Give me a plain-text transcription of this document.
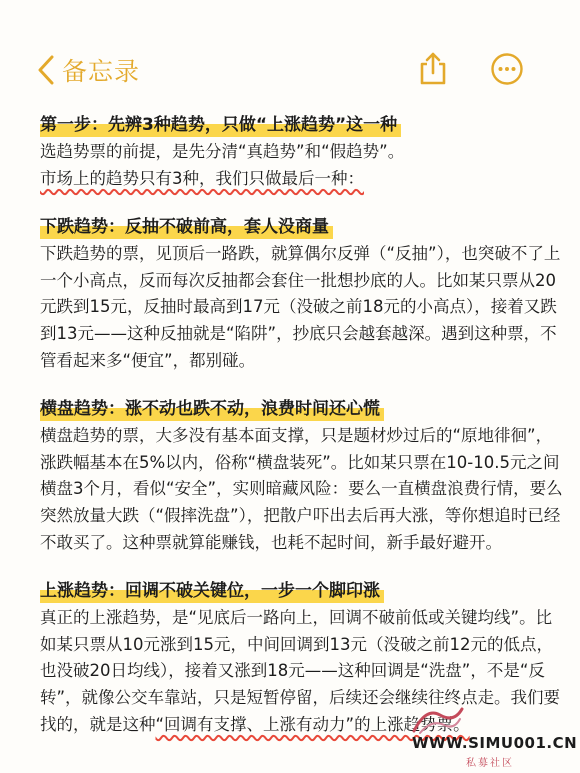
备忘录
第一步：先辨3种趋势，只做“上涨趋势”这一种

选趋势票的前提，是先分清“真趋势”和“假趋势”。

市场上的趋势只有3种，我们只做最后一种：

下跌趋势：反抽不破前高，套人没商量

下跌趋势的票，见顶后一路跌，就算偶尔反弹（“反抽”），也突破不了上一个小高点，反而每次反抽都会套住一批想抄底的人。比如某只票从20元跌到15元，反抽时最高到17元（没破之前18元的小高点），接着又跌到13元——这种反抽就是“陷阱”，抄底只会越套越深。遇到这种票，不管看起来多“便宜”，都别碰。

横盘趋势：涨不动也跌不动，浪费时间还心慌

横盘趋势的票，大多没有基本面支撑，只是题材炒过后的“原地徘徊”，涨跌幅基本在5%以内，俗称“横盘装死”。比如某只票在10-10.5元之间横盘3个月，看似“安全”，实则暗藏风险：要么一直横盘浪费行情，要么突然放量大跌（“假摔洗盘”），把散户吓出去后再大涨，等你想追时已经不敢买了。这种票就算能赚钱，也耗不起时间，新手最好避开。

上涨趋势：回调不破关键位，一步一个脚印涨

真正的上涨趋势，是“见底后一路向上，回调不破前低或关键均线”。比如某只票从10元涨到15元，中间回调到13元（没破之前12元的低点，也没破20日均线），接着又涨到18元——这种回调是“洗盘”，不是“反转”，就像公交车靠站，只是短暂停留，后续还会继续往终点走。我们要找的，就是这种“回调有支撑、上涨有动力”的上涨趋势票。

WWW.SIMU001.CN
私募社区
